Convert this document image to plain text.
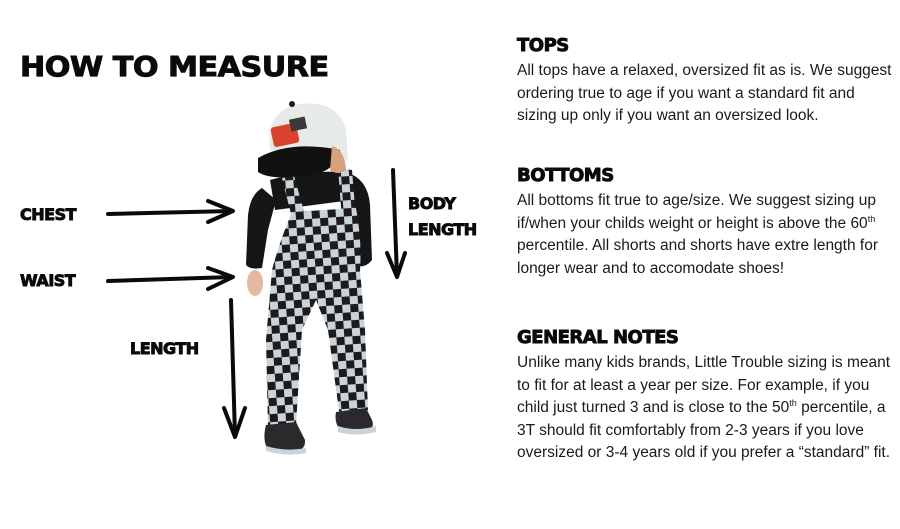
HOW TO MEASURE
CHEST
WAIST
LENGTH
BODY
LENGTH
TOPS

All tops have a relaxed, oversized fit as is. We suggest ordering true to age if you want a standard fit and sizing up only if you want an oversized look.

BOTTOMS

All bottoms fit true to age/size. We suggest sizing up if/when your childs weight or height is above the 60th percentile. All shorts and shorts have extre length for longer wear and to accomodate shoes!

GENERAL NOTES

Unlike many kids brands, Little Trouble sizing is meant to fit for at least a year per size. For example, if you child just turned 3 and is close to the 50th percentile, a 3T should fit comfortably from 2-3 years if you love oversized or 3-4 years old if you prefer a “standard” fit.
